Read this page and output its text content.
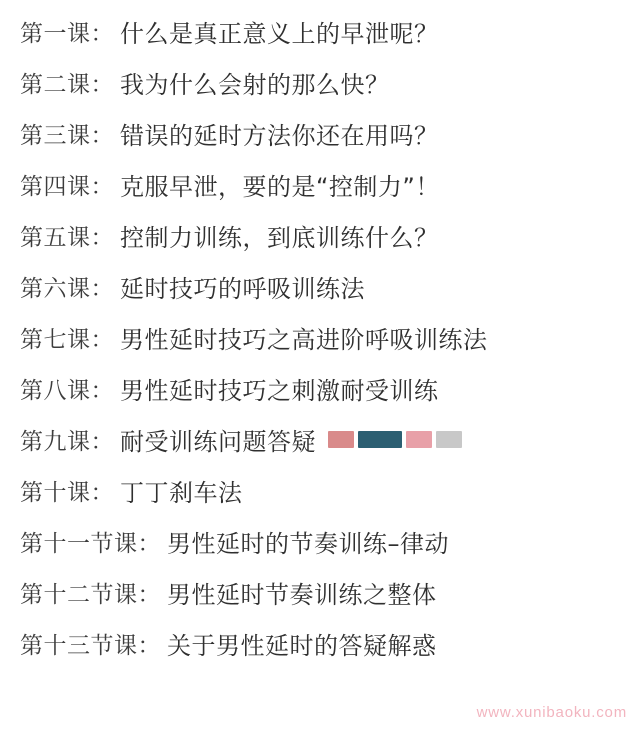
第一课： 什么是真正意义上的早泄呢？
第二课： 我为什么会射的那么快？
第三课： 错误的延时方法你还在用吗？
第四课： 克服早泄，要的是“控制力”！
第五课： 控制力训练，到底训练什么？
第六课： 延时技巧的呼吸训练法
第七课： 男性延时技巧之高进阶呼吸训练法
第八课： 男性延时技巧之刺激耐受训练
第九课： 耐受训练问题答疑
第十课： 丁丁刹车法
第十一节课： 男性延时的节奏训练–律动
第十二节课： 男性延时节奏训练之整体
第十三节课： 关于男性延时的答疑解惑
www.xunibaoku.com
